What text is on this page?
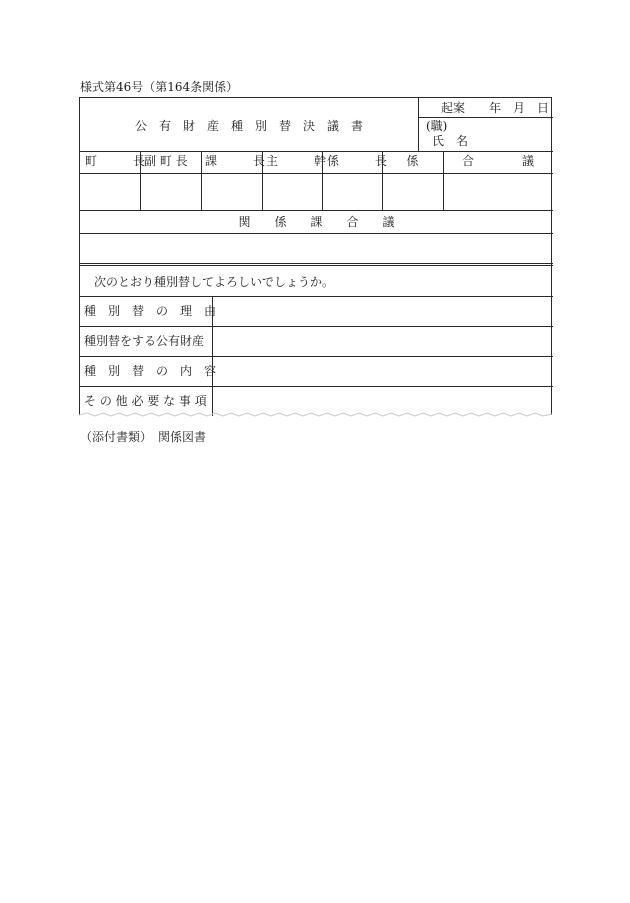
様式第46号（第164条関係）
公　有　財　産　種　別　替　決　議　書
起案　　年　月　日
(職)
氏　名
町　　　長
副 町 長 課　　　長 主　　　幹 係　　　長	係	合　　　　議
関　　係　　課　　合　　議
次のとおり種別替してよろしいでしょうか。
種　別　替　の　理　由
種別替をする公有財産
種　別　替　の　内　容
そ の 他 必 要 な 事 項
（添付書類）　関係図書
